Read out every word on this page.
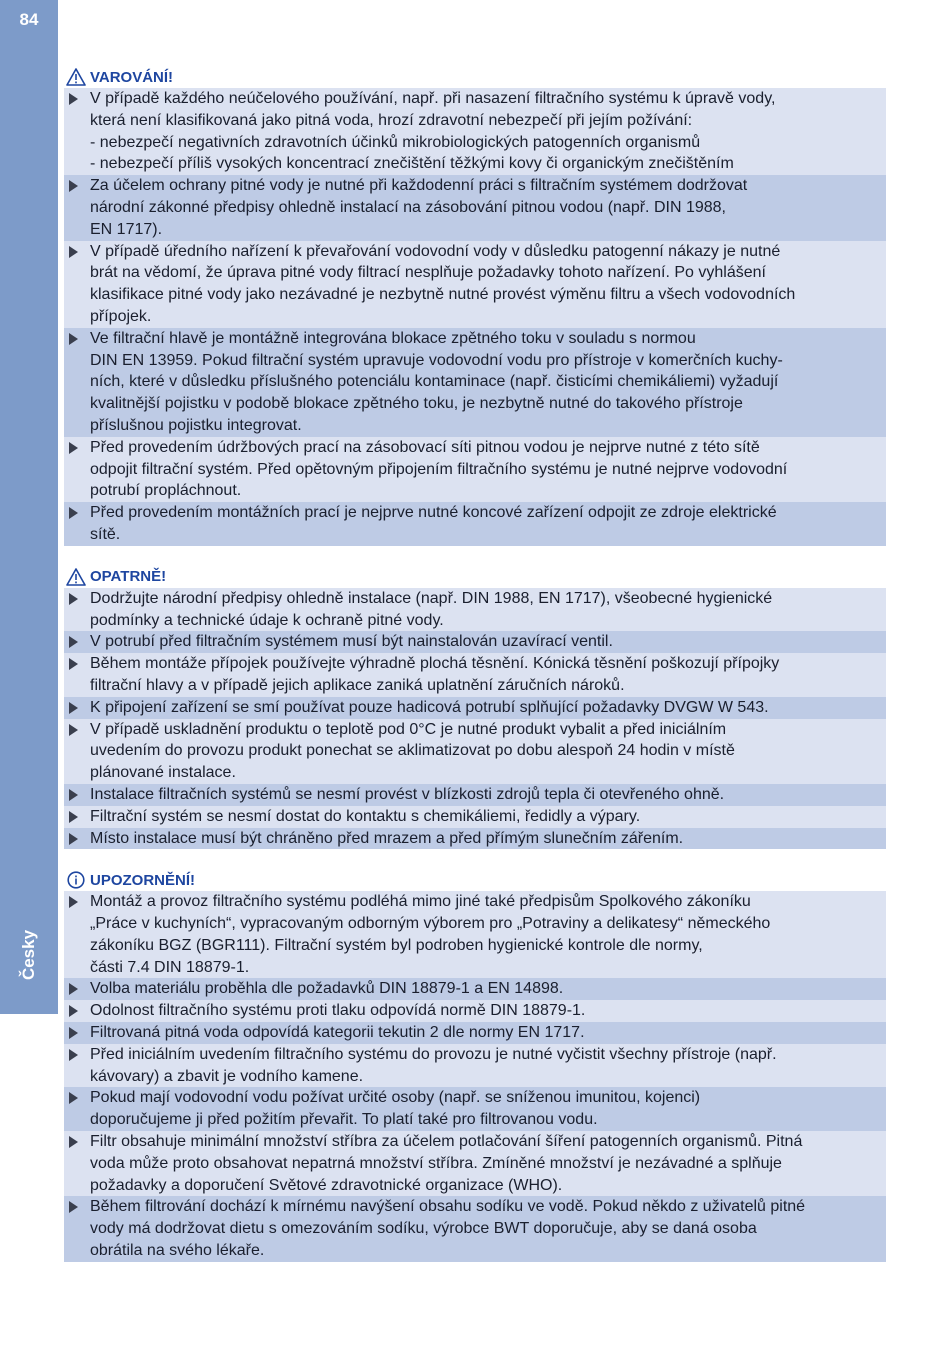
84
Česky
VAROVÁNÍ!
V případě každého neúčelového používání, např. při nasazení filtračního systému k úpravě vody,
která není klasifikovaná jako pitná voda, hrozí zdravotní nebezpečí při jejím požívání:
- nebezpečí negativních zdravotních účinků mikrobiologických patogenních organismů
- nebezpečí příliš vysokých koncentrací znečištění těžkými kovy či organickým znečištěním
Za účelem ochrany pitné vody je nutné při každodenní práci s filtračním systémem dodržovat
národní zákonné předpisy ohledně instalací na zásobování pitnou vodou (např. DIN 1988,
EN 1717).
V případě úředního nařízení k převařování vodovodní vody v důsledku patogenní nákazy je nutné
brát na vědomí, že úprava pitné vody filtrací nesplňuje požadavky tohoto nařízení. Po vyhlášení
klasifikace pitné vody jako nezávadné je nezbytně nutné provést výměnu filtru a všech vodovodních
přípojek.
Ve filtrační hlavě je montážně integrována blokace zpětného toku v souladu s normou
DIN EN 13959. Pokud filtrační systém upravuje vodovodní vodu pro přístroje v komerčních kuchy-
ních, které v důsledku příslušného potenciálu kontaminace (např. čisticími chemikáliemi) vyžadují
kvalitnější pojistku v podobě blokace zpětného toku, je nezbytně nutné do takového přístroje
příslušnou pojistku integrovat.
Před provedením údržbových prací na zásobovací síti pitnou vodou je nejprve nutné z této sítě
odpojit filtrační systém. Před opětovným připojením filtračního systému je nutné nejprve vodovodní
potrubí propláchnout.
Před provedením montážních prací je nejprve nutné koncové zařízení odpojit ze zdroje elektrické
sítě.
OPATRNĚ!
Dodržujte národní předpisy ohledně instalace (např. DIN 1988, EN 1717), všeobecné hygienické
podmínky a technické údaje k ochraně pitné vody.
V potrubí před filtračním systémem musí být nainstalován uzavírací ventil.
Během montáže přípojek používejte výhradně plochá těsnění. Kónická těsnění poškozují přípojky
filtrační hlavy a v případě jejich aplikace zaniká uplatnění záručních nároků.
K připojení zařízení se smí používat pouze hadicová potrubí splňující požadavky DVGW W 543.
V případě uskladnění produktu o teplotě pod 0°C je nutné produkt vybalit a před iniciálním
uvedením do provozu produkt ponechat se aklimatizovat po dobu alespoň 24 hodin v místě
plánované instalace.
Instalace filtračních systémů se nesmí provést v blízkosti zdrojů tepla či otevřeného ohně.
Filtrační systém se nesmí dostat do kontaktu s chemikáliemi, ředidly a výpary.
Místo instalace musí být chráněno před mrazem a před přímým slunečním zářením.
UPOZORNĚNÍ!
Montáž a provoz filtračního systému podléhá mimo jiné také předpisům Spolkového zákoníku
„Práce v kuchyních“, vypracovaným odborným výborem pro „Potraviny a delikatesy“ německého
zákoníku BGZ (BGR111). Filtrační systém byl podroben hygienické kontrole dle normy,
části 7.4 DIN 18879-1.
Volba materiálu proběhla dle požadavků DIN 18879-1 a EN 14898.
Odolnost filtračního systému proti tlaku odpovídá normě DIN 18879-1.
Filtrovaná pitná voda odpovídá kategorii tekutin 2 dle normy EN 1717.
Před iniciálním uvedením filtračního systému do provozu je nutné vyčistit všechny přístroje (např.
kávovary) a zbavit je vodního kamene.
Pokud mají vodovodní vodu požívat určité osoby (např. se sníženou imunitou, kojenci)
doporučujeme ji před požitím převařit. To platí také pro filtrovanou vodu.
Filtr obsahuje minimální množství stříbra za účelem potlačování šíření patogenních organismů. Pitná
voda může proto obsahovat nepatrná množství stříbra. Zmíněné množství je nezávadné a splňuje
požadavky a doporučení Světové zdravotnické organizace (WHO).
Během filtrování dochází k mírnému navýšení obsahu sodíku ve vodě. Pokud někdo z uživatelů pitné
vody má dodržovat dietu s omezováním sodíku, výrobce BWT doporučuje, aby se daná osoba
obrátila na svého lékaře.
